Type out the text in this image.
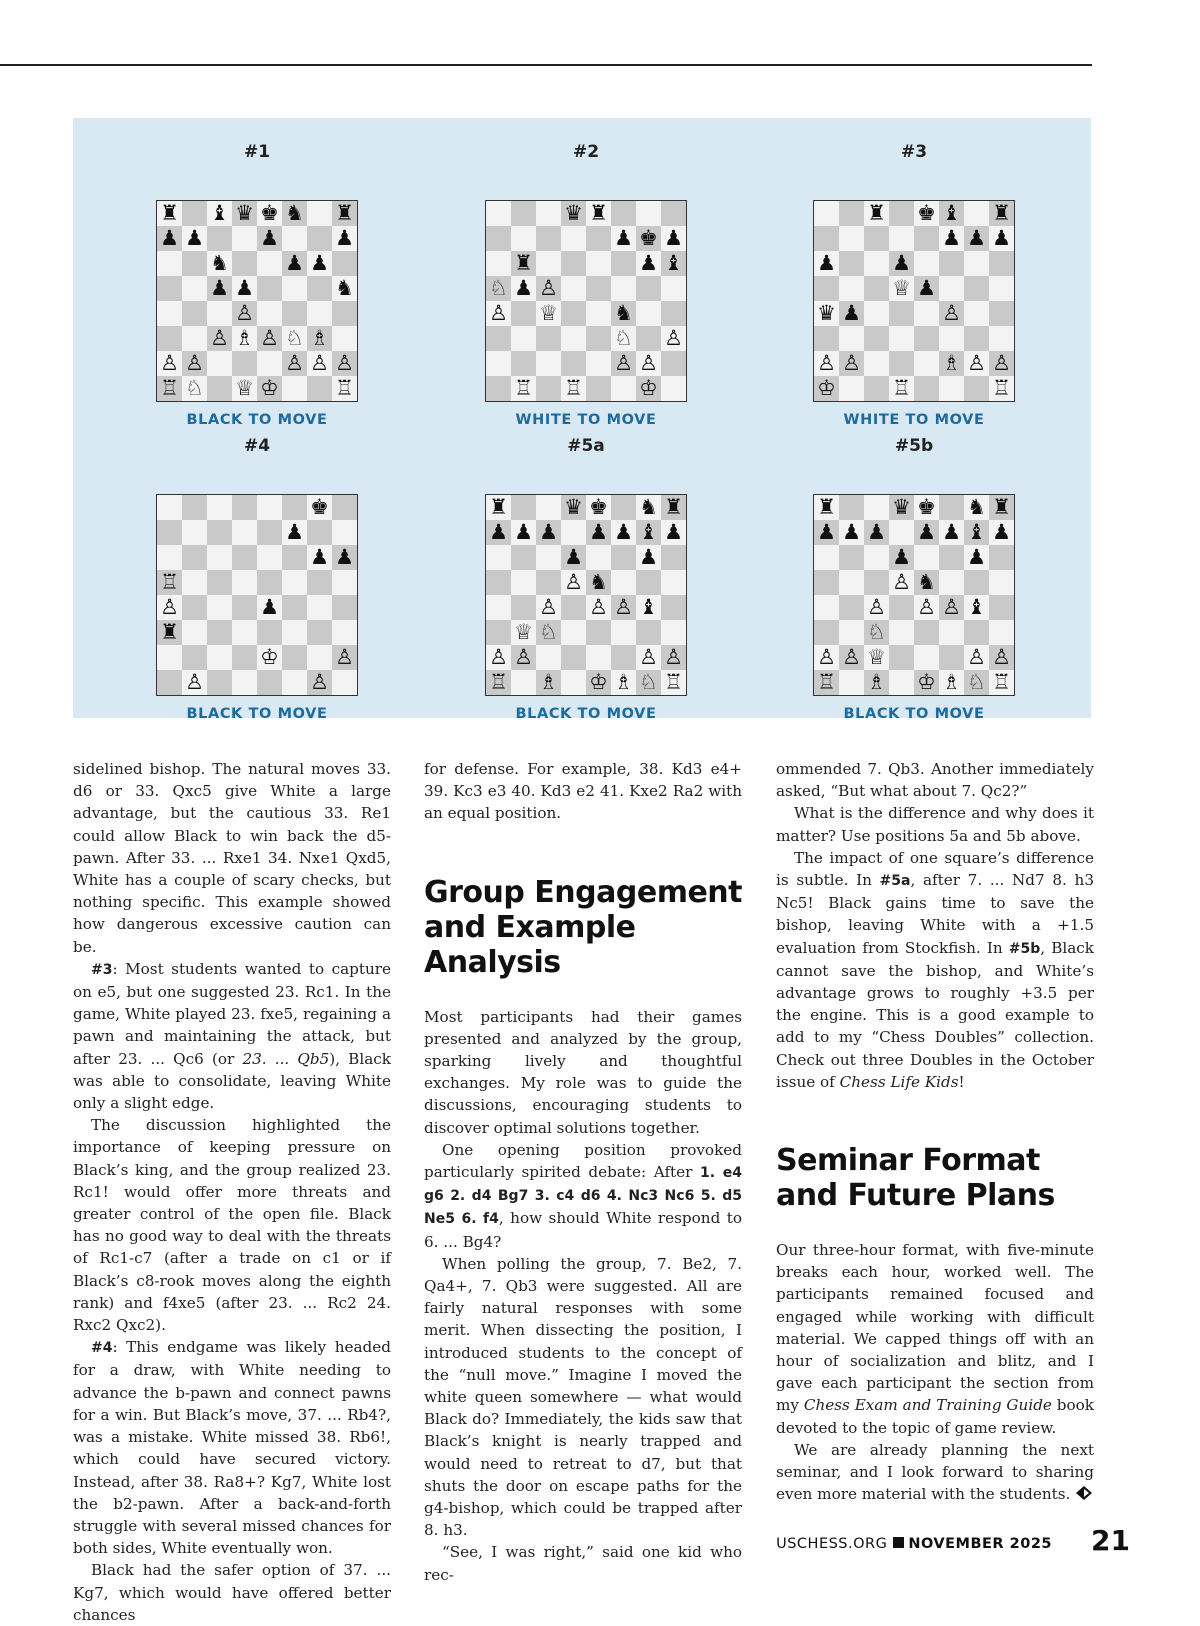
#1
♜ ♝ ♛ ♚ ♞ ♜
♟ ♟	♟	♟
♞	♟ ♟
♟ ♟	♞
♙
♙ ♗ ♙ ♘ ♗
♙ ♙	♙ ♙ ♙
♖ ♘ ♕ ♔	♖
BLACK TO MOVE
#2
♛ ♜
♟ ♚ ♟
♜	♟ ♝
♘ ♟ ♙
♙ ♕	♞
♘ ♙
♙ ♙
♖ ♖	♔
WHITE TO MOVE
#3
♜ ♚ ♝ ♜
♟ ♟ ♟
♟	♟
♕ ♟
♛ ♟	♙
♙ ♙	♗ ♙ ♙
♔	♖	♖
WHITE TO MOVE
#4
♚
♟
♟ ♟
♖
♙	♟
♜
♔	♙
♙	♙
BLACK TO MOVE
#5a
♜	♛ ♚ ♞ ♜
♟ ♟ ♟ ♟ ♟ ♝ ♟
♟	♟
♙ ♞
♙ ♙ ♙ ♝
♕ ♘
♙ ♙	♙ ♙
♖ ♗ ♔ ♗ ♘ ♖
BLACK TO MOVE
#5b
♜	♛ ♚ ♞ ♜
♟ ♟ ♟ ♟ ♟ ♝ ♟
♟	♟
♙ ♞
♙ ♙ ♙ ♝
♘
♙ ♙ ♕	♙ ♙
♖ ♗ ♔ ♗ ♘ ♖
BLACK TO MOVE

sidelined bishop. The natural moves 33. d6 or 33. Qxc5 give White a large advantage, but the cautious 33. Re1 could allow Black to win back the d5-pawn. After 33. ... Rxe1 34. Nxe1 Qxd5, White has a couple of scary checks, but nothing specific. This example showed how dangerous excessive caution can be.

#3: Most students wanted to capture on e5, but one suggested 23. Rc1. In the game, White played 23. fxe5, regaining a pawn and maintaining the attack, but after 23. ... Qc6 (or 23. ... Qb5), Black was able to consolidate, leaving White only a slight edge.

The discussion highlighted the importance of keeping pressure on Black’s king, and the group realized 23. Rc1! would offer more threats and greater control of the open file. Black has no good way to deal with the threats of Rc1-c7 (after a trade on c1 or if Black’s c8-rook moves along the eighth rank) and f4xe5 (after 23. ... Rc2 24. Rxc2 Qxc2).

#4: This endgame was likely headed for a draw, with White needing to advance the b-pawn and connect pawns for a win. But Black’s move, 37. ... Rb4?, was a mistake. White missed 38. Rb6!, which could have secured victory. Instead, after 38. Ra8+? Kg7, White lost the b2-pawn. After a back-and-forth struggle with several missed chances for both sides, White eventually won.

Black had the safer option of 37. ... Kg7, which would have offered better chances

for defense. For example, 38. Kd3 e4+ 39. Kc3 e3 40. Kd3 e2 41. Kxe2 Ra2 with an equal position.

Group Engagement and Example Analysis

Most participants had their games presented and analyzed by the group, sparking lively and thoughtful exchanges. My role was to guide the discussions, encouraging students to discover optimal solutions together.

One opening position provoked particularly spirited debate: After 1. e4 g6 2. d4 Bg7 3. c4 d6 4. Nc3 Nc6 5. d5 Ne5 6. f4, how should White respond to 6. ... Bg4?

When polling the group, 7. Be2, 7. Qa4+, 7. Qb3 were suggested. All are fairly natural responses with some merit. When dissecting the position, I introduced students to the concept of the “null move.” Imagine I moved the white queen somewhere — what would Black do? Immediately, the kids saw that Black’s knight is nearly trapped and would need to retreat to d7, but that shuts the door on escape paths for the g4-bishop, which could be trapped after 8. h3.

“See, I was right,” said one kid who rec-

ommended 7. Qb3. Another immediately asked, “But what about 7. Qc2?”

What is the difference and why does it matter? Use positions 5a and 5b above.

The impact of one square’s difference is subtle. In #5a, after 7. ... Nd7 8. h3 Nc5! Black gains time to save the bishop, leaving White with a +1.5 evaluation from Stockfish. In #5b, Black cannot save the bishop, and White’s advantage grows to roughly +3.5 per the engine. This is a good example to add to my “Chess Doubles” collection. Check out three Doubles in the October issue of Chess Life Kids!

Seminar Format and Future Plans

Our three-hour format, with five-minute breaks each hour, worked well. The participants remained focused and engaged while working with difficult material. We capped things off with an hour of socialization and blitz, and I gave each participant the section from my Chess Exam and Training Guide book devoted to the topic of game review.

We are already planning the next seminar, and I look forward to sharing even more material with the students.

USCHESS.ORG NOVEMBER 2025 21
